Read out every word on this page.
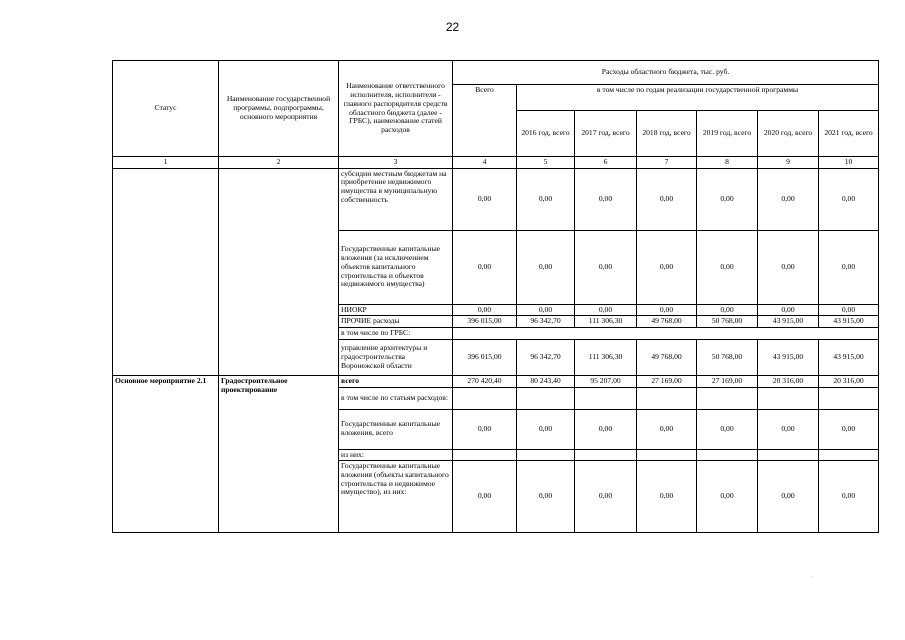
22
Статус	Наименование государственной программы, подпрограммы, основного мероприятия	Наименование ответственного исполнителя, исполнителя - главного распорядителя средств областного бюджета (далее - ГРБС), наименование статей расходов	Расходы областного бюджета, тыс. руб.						
			Всего	в том числе по годам реализации государственной программы					
				2016 год, всего	2017 год, всего	2018 год, всего	2019 год, всего	2020 год, всего	2021 год, всего
1	2	3	4	5	6	7	8	9	10
		субсидии местным бюджетам на приобретение недвижимого имущества в муниципальную собственность	0,00	0,00	0,00	0,00	0,00	0,00	0,00
		Государственные капитальные вложения (за исключением объектов капитального строительства и объектов недвижимого имущества)	0,00	0,00	0,00	0,00	0,00	0,00	0,00
		НИОКР	0,00	0,00	0,00	0,00	0,00	0,00	0,00
		ПРОЧИЕ расходы	396 015,00	96 342,70	111 306,30	49 768,00	50 768,00	43 915,00	43 915,00
		в том числе по ГРБС:							
		управление архитектуры и градостроительства Воронежской области	396 015,00	96 342,70	111 306,30	49 768,00	50 768,00	43 915,00	43 915,00
Основное мероприятие 2.1	Градостроительное проектирование	всего	270 420,40	80 243,40	95 207,00	27 169,00	27 169,00	20 316,00	20 316,00
		в том числе по статьям расходов:							
		Государственные капитальные вложения, всего	0,00	0,00	0,00	0,00	0,00	0,00	0,00
		из них:							
		Государственные капитальные вложения (объекты капитального строительства и недвижимое имущество), из них:	0,00	0,00	0,00	0,00	0,00	0,00	0,00
·
